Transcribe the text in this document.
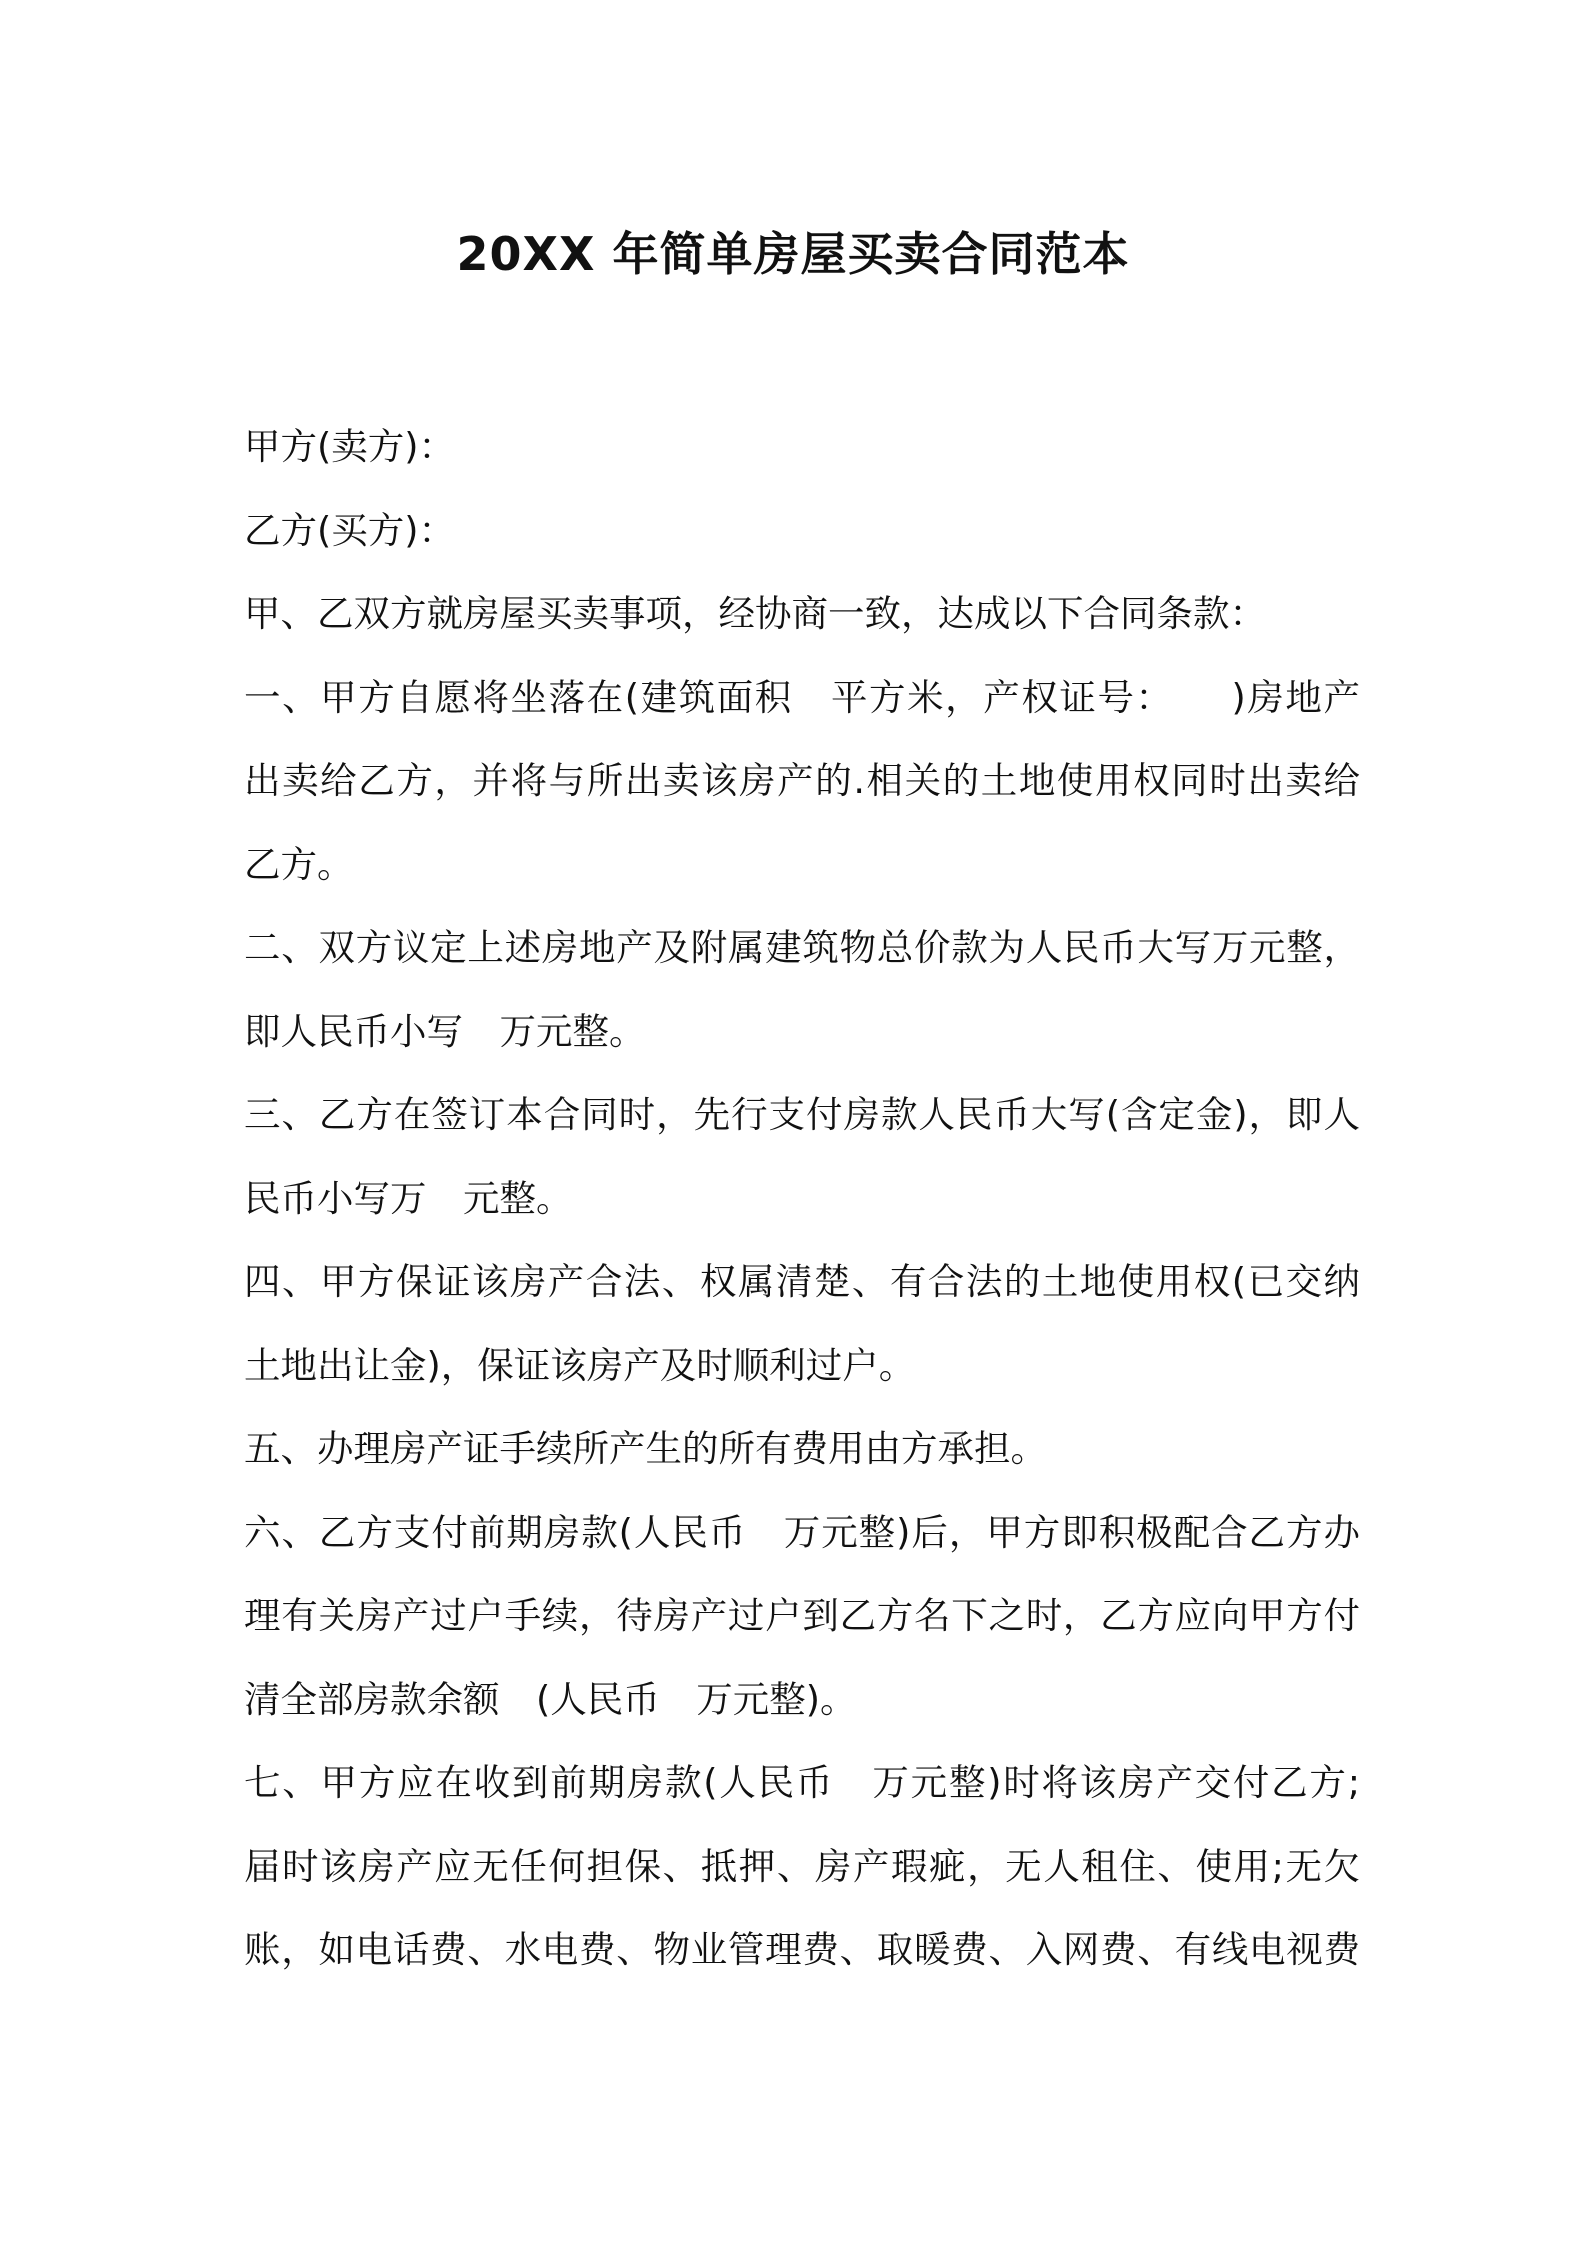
20XX 年简单房屋买卖合同范本
甲方(卖方)：
乙方(买方)：
甲、乙双方就房屋买卖事项，经协商一致，达成以下合同条款：
一、甲方自愿将坐落在(建筑面积　平方米，产权证号：　　)房地产
出卖给乙方，并将与所出卖该房产的.相关的土地使用权同时出卖给
乙方。
二、双方议定上述房地产及附属建筑物总价款为人民币大写万元整，
即人民币小写　万元整。
三、乙方在签订本合同时，先行支付房款人民币大写(含定金)，即人
民币小写万　元整。
四、甲方保证该房产合法、权属清楚、有合法的土地使用权(已交纳
土地出让金)，保证该房产及时顺利过户。
五、办理房产证手续所产生的所有费用由方承担。
六、乙方支付前期房款(人民币　万元整)后，甲方即积极配合乙方办
理有关房产过户手续，待房产过户到乙方名下之时，乙方应向甲方付
清全部房款余额　(人民币　万元整)。
七、甲方应在收到前期房款(人民币　万元整)时将该房产交付乙方;
届时该房产应无任何担保、抵押、房产瑕疵，无人租住、使用;无欠
账，如电话费、水电费、物业管理费、取暖费、入网费、有线电视费
